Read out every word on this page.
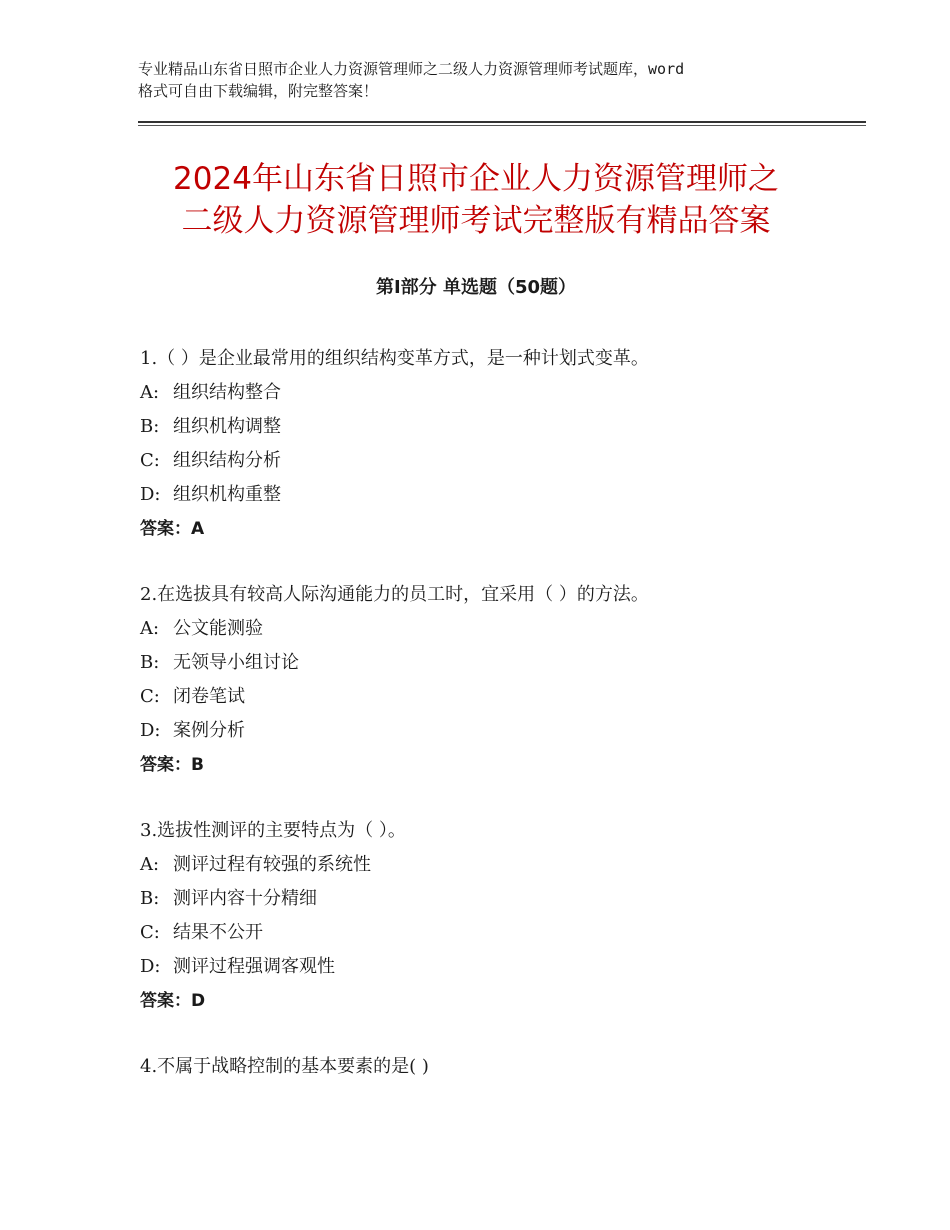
专业精品山东省日照市企业人力资源管理师之二级人力资源管理师考试题库，word
格式可自由下载编辑，附完整答案！
2024年山东省日照市企业人力资源管理师之
二级人力资源管理师考试完整版有精品答案
第Ⅰ部分 单选题（50题）
1.（ ）是企业最常用的组织结构变革方式，是一种计划式变革。
A: 组织结构整合
B: 组织机构调整
C: 组织结构分析
D: 组织机构重整
答案：A
2.在选拔具有较高人际沟通能力的员工时，宜采用（ ）的方法。
A: 公文能测验
B: 无领导小组讨论
C: 闭卷笔试
D: 案例分析
答案：B
3.选拔性测评的主要特点为（ ）。
A: 测评过程有较强的系统性
B: 测评内容十分精细
C: 结果不公开
D: 测评过程强调客观性
答案：D
4.不属于战略控制的基本要素的是( )
